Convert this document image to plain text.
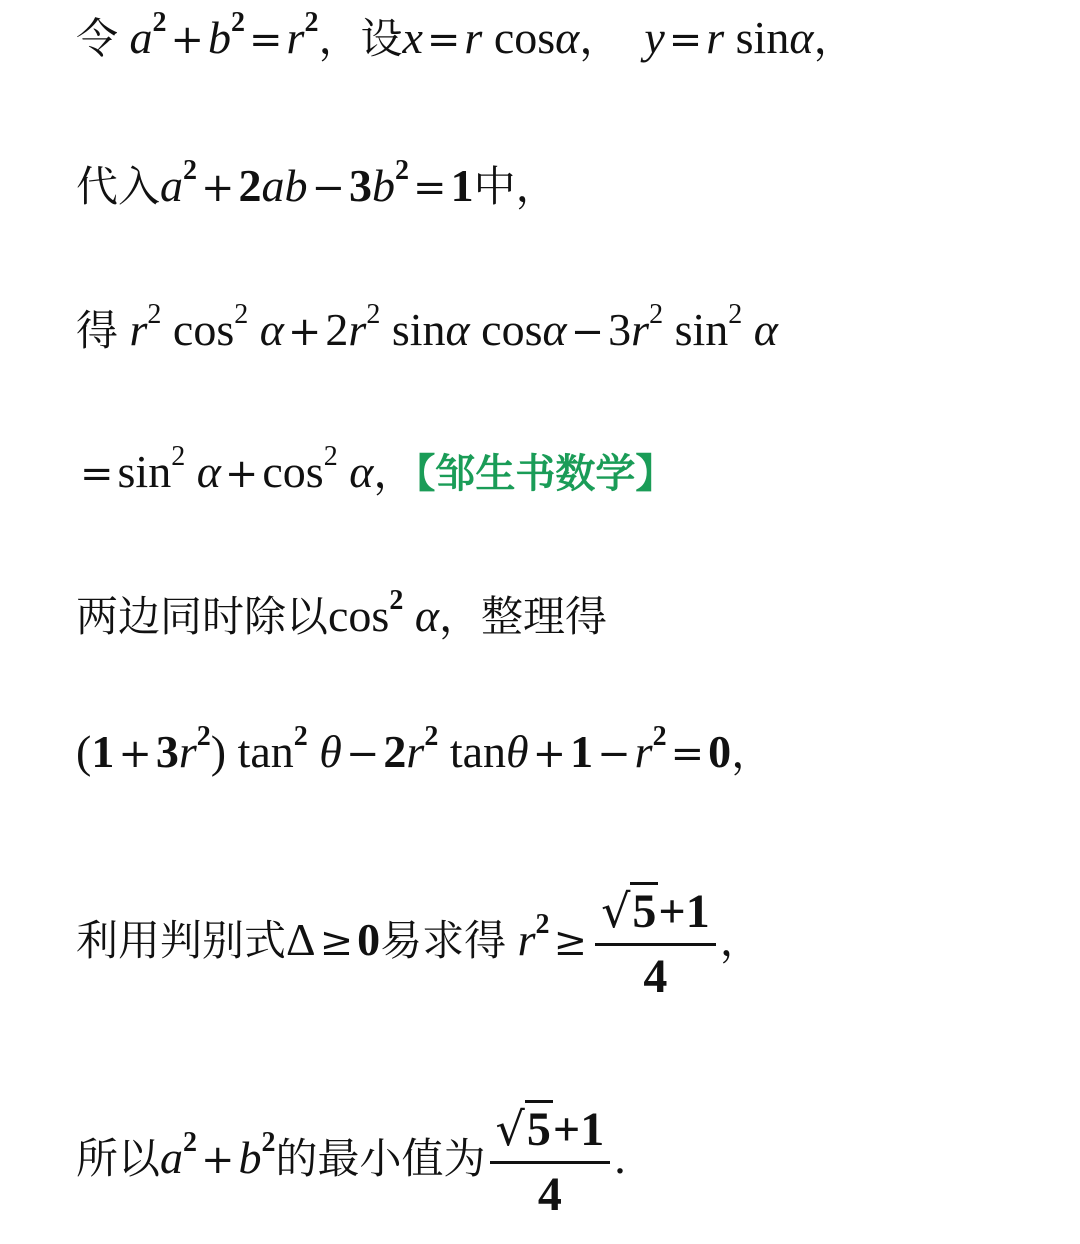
令 $a^2 +b^2 =r^2$，设x =r cosα， y =r sinα，
代入$a^2 +2ab -3b^2 =1$中，
得 $r^2$ $\cos^2 \alpha +2r^2$ sinα $\cos\alpha -3r^2$ $\sin^2 \alpha$
$=\sin^2$ $\alpha +\cos^2$ α，【邹生书数学】
两边同时除以$\cos^2 \alpha$，整理得
$(1 +3r^2)$ $\tan^2 \theta -2r^2$ $\tan\theta +1 -r^2 =0$，
利用判别式Δ ≥0易求得 $r^2 \ge \frac{√5+1}{4}$ ，
所以$a^2 +b^2$的最小值为 $\frac{√5+1}{4}$ .
